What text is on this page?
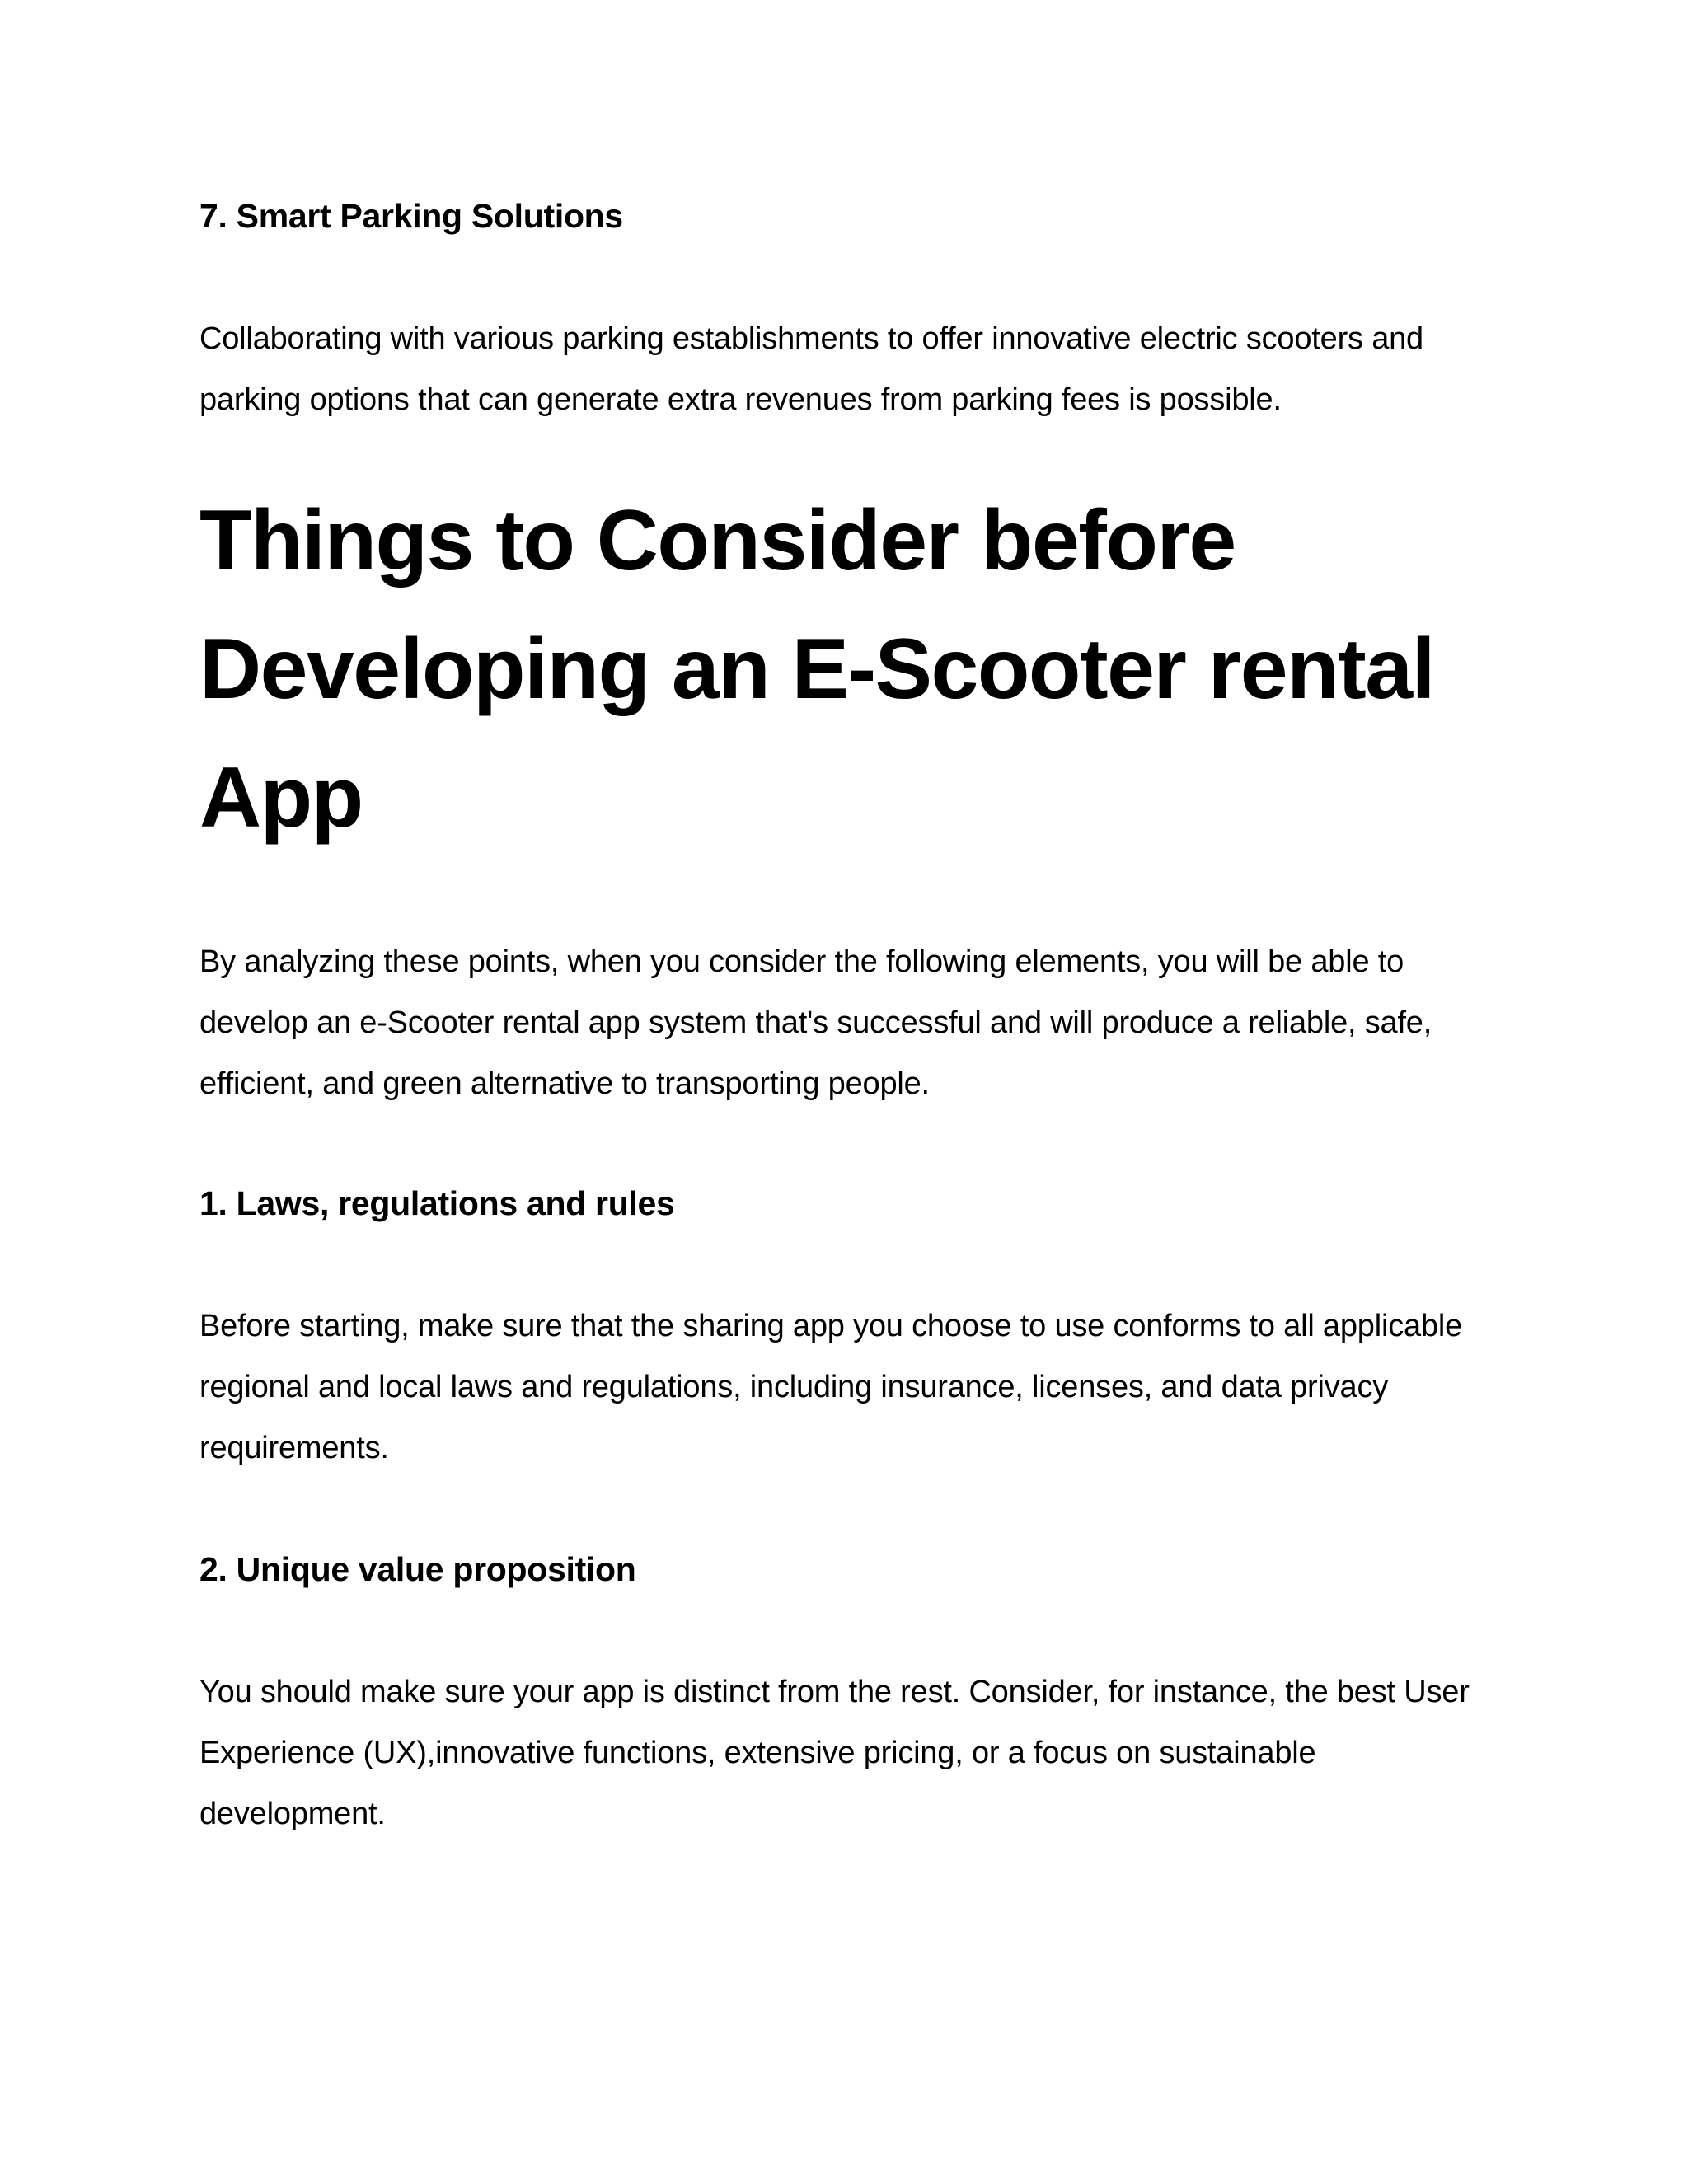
7. Smart Parking Solutions

Collaborating with various parking establishments to offer innovative electric scooters and parking options that can generate extra revenues from parking fees is possible.

Things to Consider before Developing an E-Scooter rental App

By analyzing these points, when you consider the following elements, you will be able to develop an e-Scooter rental app system that's successful and will produce a reliable, safe, efficient, and green alternative to transporting people.

1. Laws, regulations and rules

Before starting, make sure that the sharing app you choose to use conforms to all applicable regional and local laws and regulations, including insurance, licenses, and data privacy requirements.

2. Unique value proposition

You should make sure your app is distinct from the rest. Consider, for instance, the best User Experience (UX),innovative functions, extensive pricing, or a focus on sustainable development.
